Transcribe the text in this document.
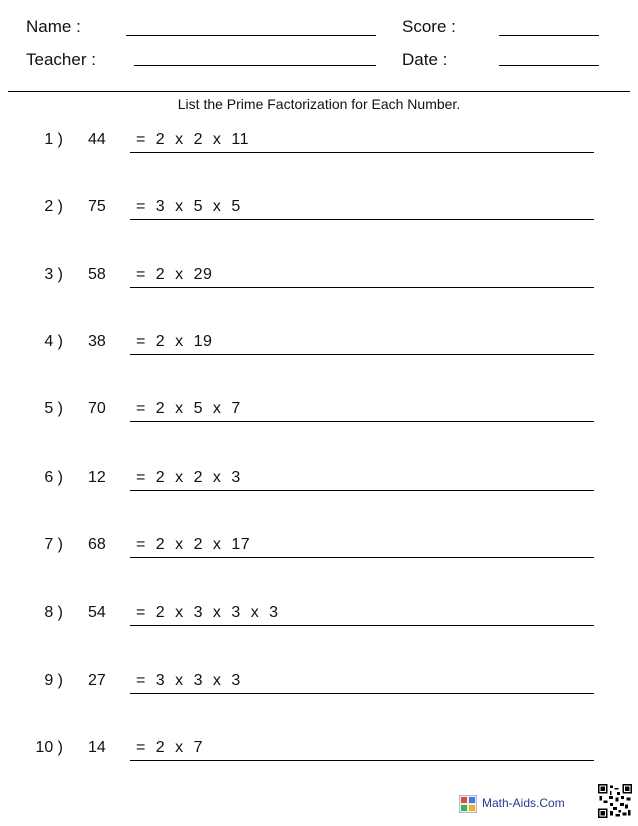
Name :	Score :
Teacher :	Date :
List the Prime Factorization for Each Number.
1 ) 44 = 2 x 2 x 11
2 ) 75 = 3 x 5 x 5
3 ) 58 = 2 x 29
4 ) 38 = 2 x 19
5 ) 70 = 2 x 5 x 7
6 ) 12 = 2 x 2 x 3
7 ) 68 = 2 x 2 x 17
8 ) 54 = 2 x 3 x 3 x 3
9 ) 27 = 3 x 3 x 3
10 ) 14 = 2 x 7
Math-Aids.Com
